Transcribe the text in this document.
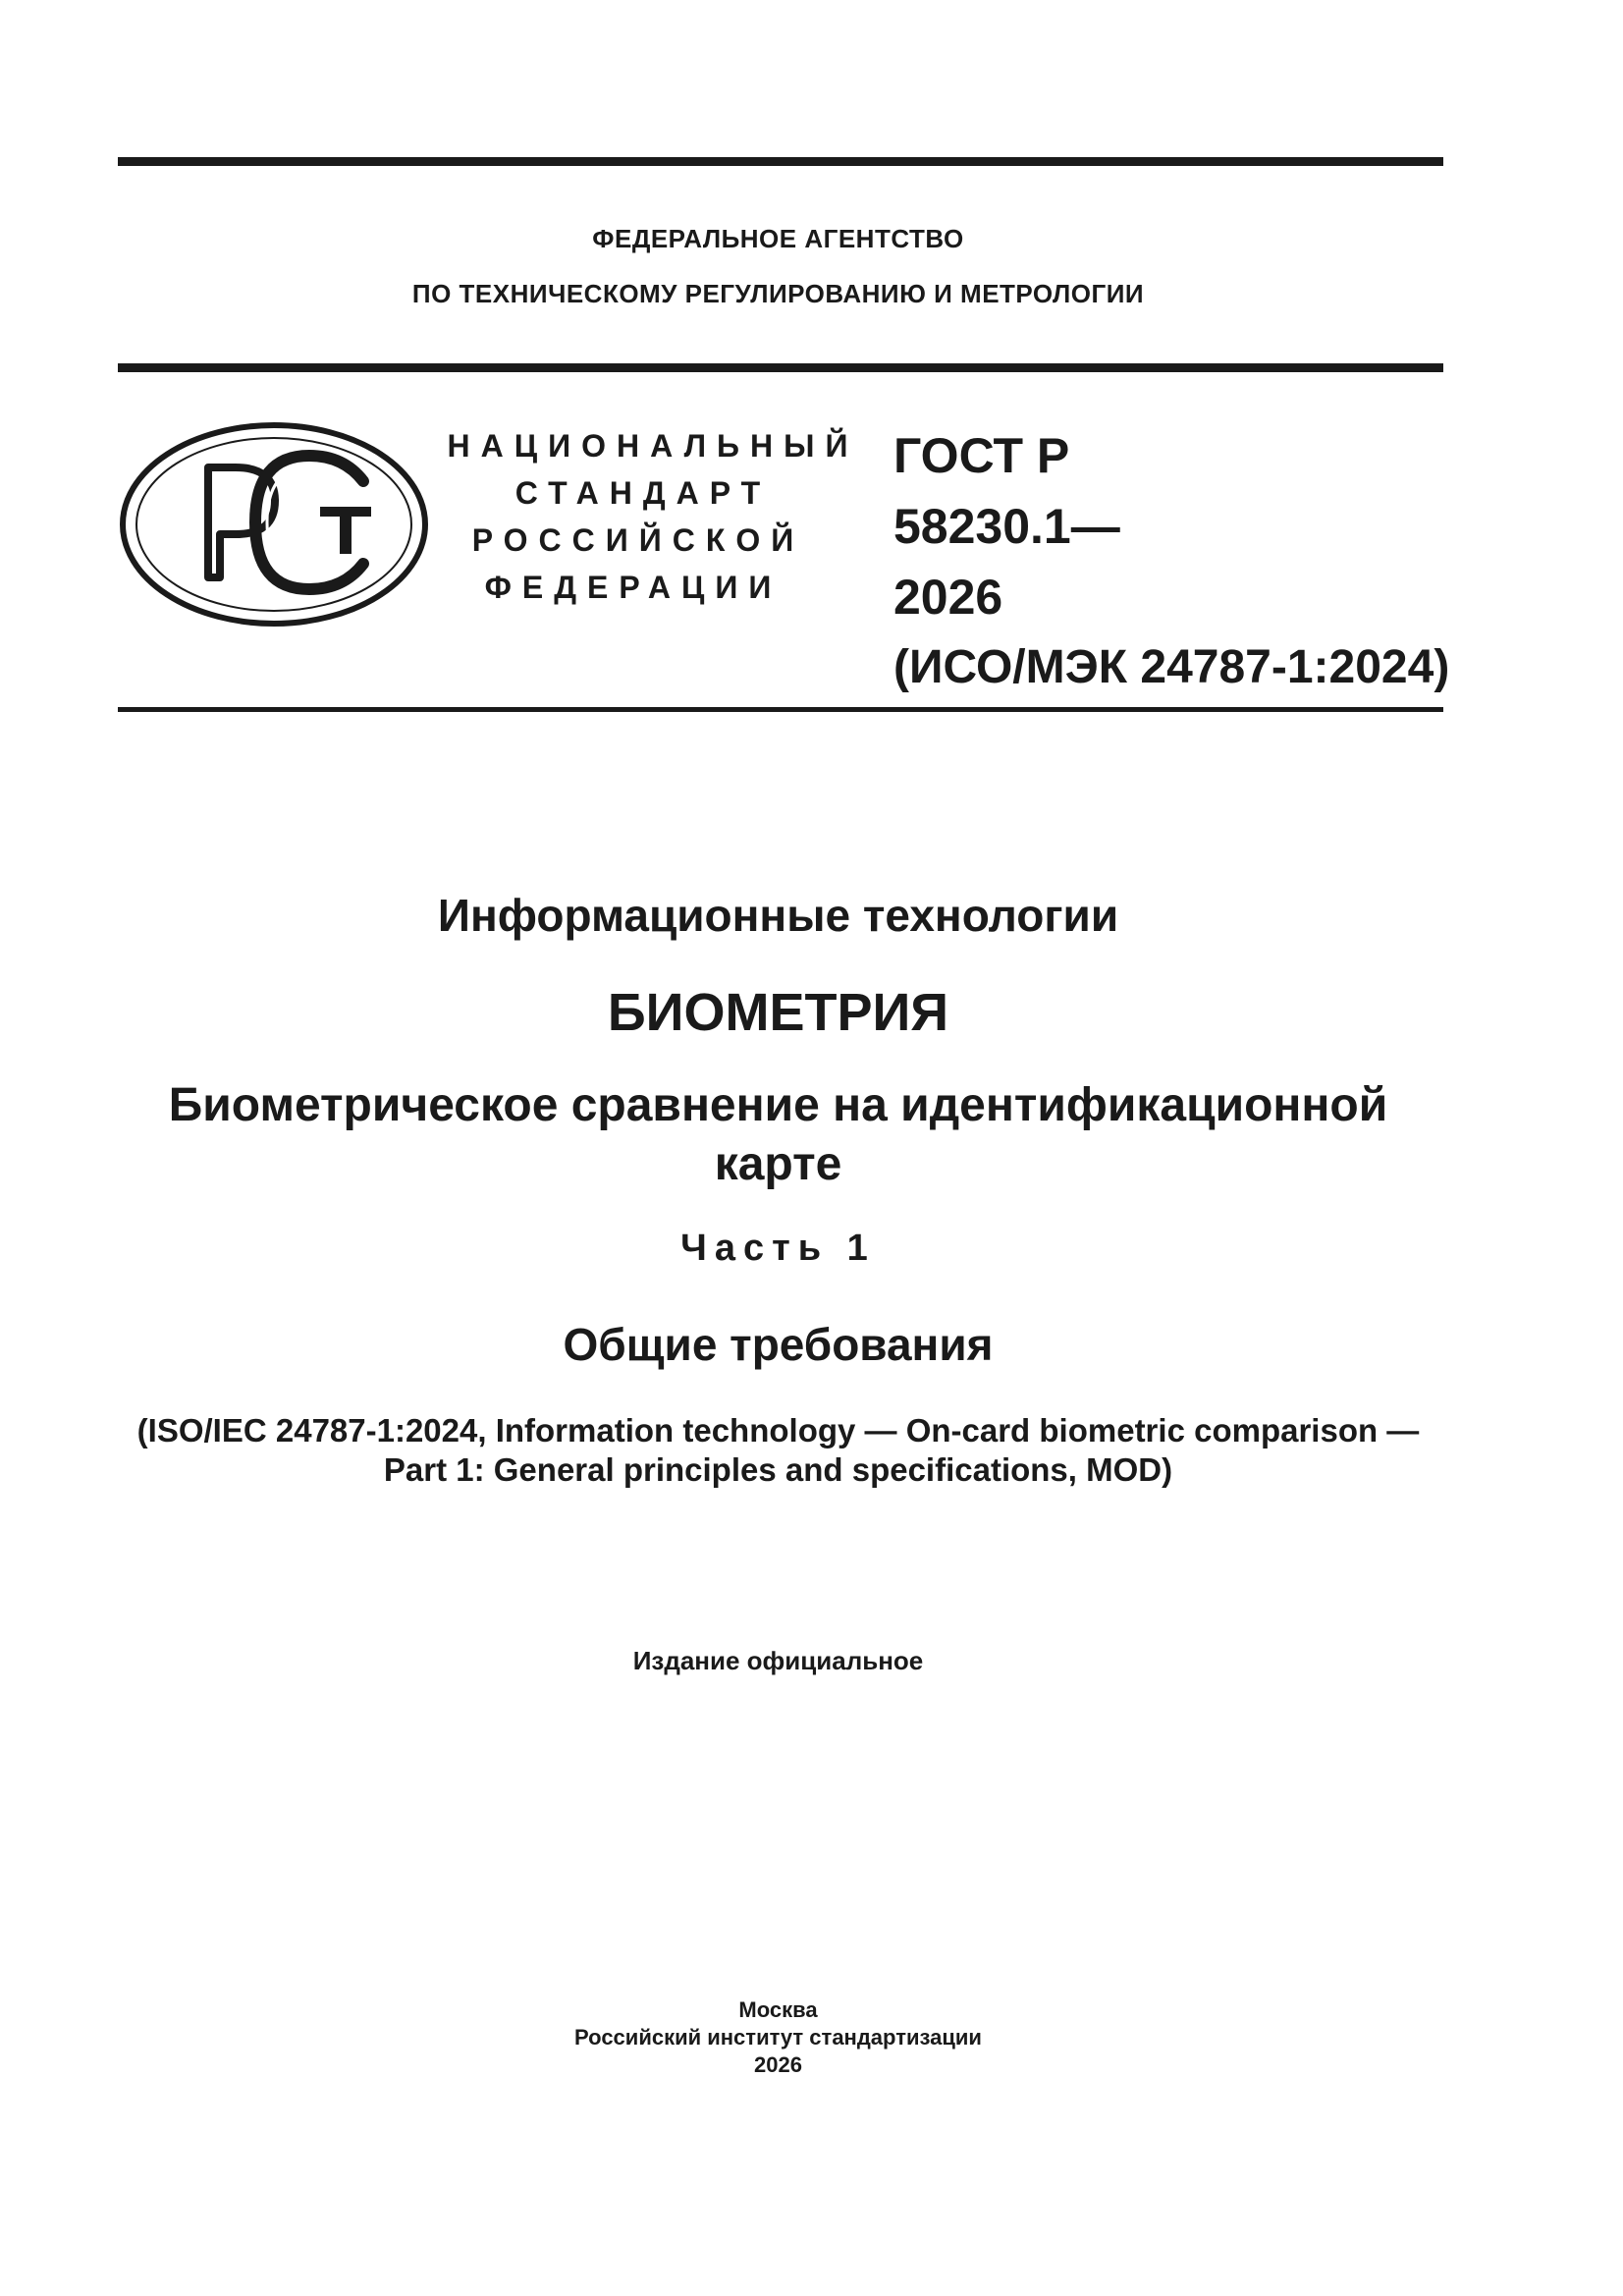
ФЕДЕРАЛЬНОЕ АГЕНТСТВО
ПО ТЕХНИЧЕСКОМУ РЕГУЛИРОВАНИЮ И МЕТРОЛОГИИ
НАЦИОНАЛЬНЫЙ
СТАНДАРТ
РОССИЙСКОЙ
ФЕДЕРАЦИИ
ГОСТ Р
58230.1—
2026
(ИСО/МЭК 24787-1:2024)
Информационные технологии
БИОМЕТРИЯ
Биометрическое сравнение на идентификационной
карте
Часть 1
Общие требования
(ISO/IEC 24787-1:2024, Information technology — On-card biometric comparison —
Part 1: General principles and specifications, MOD)
Издание официальное
Москва
Российский институт стандартизации
2026
